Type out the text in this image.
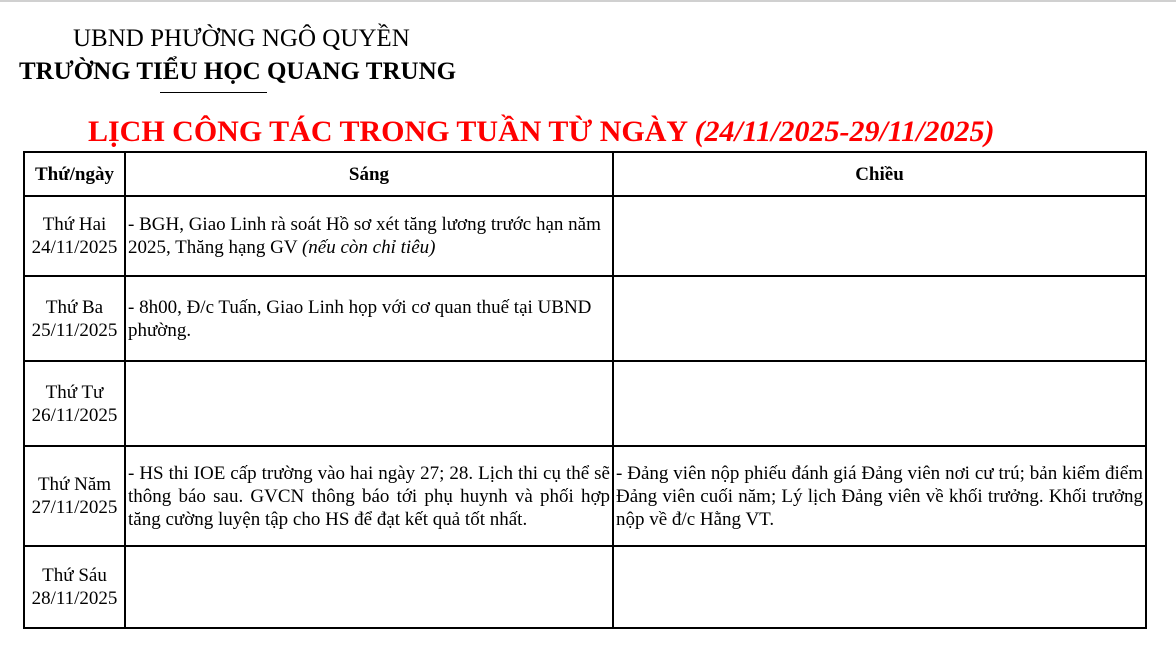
UBND PHƯỜNG NGÔ QUYỀN
TRƯỜNG TIỂU HỌC QUANG TRUNG
LỊCH CÔNG TÁC TRONG TUẦN TỪ NGÀY (24/11/2025-29/11/2025)
Thứ/ngày	Sáng	Chiều

Thứ Hai
24/11/2025	- BGH, Giao Linh rà soát Hồ sơ xét tăng lương trước hạn năm 2025, Thăng hạng GV (nếu còn chỉ tiêu)	

Thứ Ba
25/11/2025	- 8h00, Đ/c Tuấn, Giao Linh họp với cơ quan thuế tại UBND phường.	

Thứ Tư
26/11/2025		

Thứ Năm
27/11/2025	- HS thi IOE cấp trường vào hai ngày 27; 28. Lịch thi cụ thể sẽ thông báo sau. GVCN thông báo tới phụ huynh và phối hợp tăng cường luyện tập cho HS để đạt kết quả tốt nhất.	- Đảng viên nộp phiếu đánh giá Đảng viên nơi cư trú; bản kiểm điểm Đảng viên cuối năm; Lý lịch Đảng viên về khối trưởng. Khối trưởng nộp về đ/c Hằng VT.

Thứ Sáu
28/11/2025		
